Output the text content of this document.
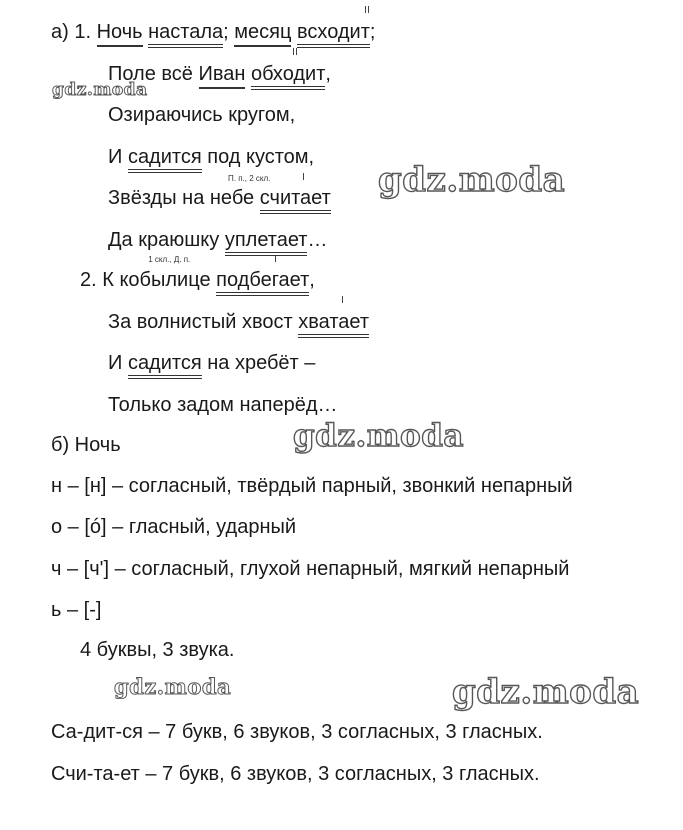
а) 1. Ночь настала; месяц всходит
;
Поле всё Иван обходит
,
Озираючись кругом,
И садится под кустом,
Звёзды на небе
П. п., 2 скл.
считает
Да краюшку уплетает…
2. К кобылице
1 скл., Д. п.
подбегает
,
За волнистый хвост хватает
И садится на хребёт –
Только задом наперёд…
б) Ночь
н – [н] – согласный, твёрдый парный, звонкий непарный
о – [ó] – гласный, ударный
ч – [ч'] – согласный, глухой непарный, мягкий непарный
ь – [-]
4 буквы, 3 звука.
Са-дит-ся – 7 букв, 6 звуков, 3 согласных, 3 гласных.
Счи-та-ет – 7 букв, 6 звуков, 3 согласных, 3 гласных.
gdz.moda
gdz.moda
gdz.moda
gdz.moda	gdz.moda
